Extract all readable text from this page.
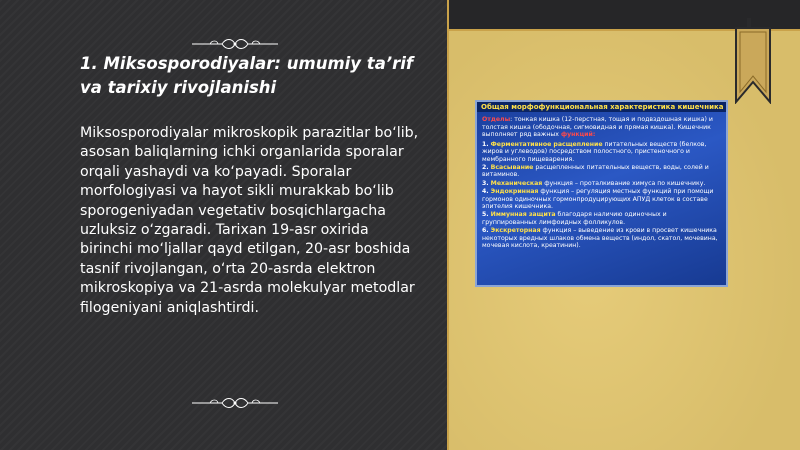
1. Miksosporodiyalar: umumiy ta’rif va tarixiy rivojlanishi

Miksosporodiyalar mikroskopik parazitlar bo‘lib, asosan baliqlarning ichki organlarida sporalar orqali yashaydi va ko‘payadi. Sporalar morfologiyasi va hayot sikli murakkab bo‘lib sporogeniyadan vegetativ bosqichlargacha uzluksiz o‘zgaradi. Tarixan 19-asr oxirida birinchi mo‘ljallar qayd etilgan, 20-asr boshida tasnif rivojlangan, o‘rta 20-asrda elektron mikroskopiya va 21-asrda molekulyar metodlar filogeniyani aniqlashtirdi.

Общая морфофункциональная характеристика кишечника
Отделы: тонкая кишка (12-перстная, тощая и подвздошная кишка) и толстая кишка (ободочная, сигмовидная и прямая кишка). Кишечник выполняет ряд важных функций:
1. Ферментативное расщепление питательных веществ (белков, жиров и углеводов) посредством полостного, пристеночного и мембранного пищеварения.
2. Всасывание расщепленных питательных веществ, воды, солей и витаминов.
3. Механическая функция – проталкивание химуса по кишечнику.
4. Эндокринная функция – регуляция местных функций при помощи гормонов одиночных гормонпродуцирующих АПУД клеток в составе эпителия кишечника.
5. Иммунная защита благодаря наличию одиночных и группированных лимфоидных фолликулов.
6. Экскреторная функция – выведение из крови в просвет кишечника некоторых вредных шлаков обмена веществ (индол, скатол, мочевина, мочевая кислота, креатинин).
